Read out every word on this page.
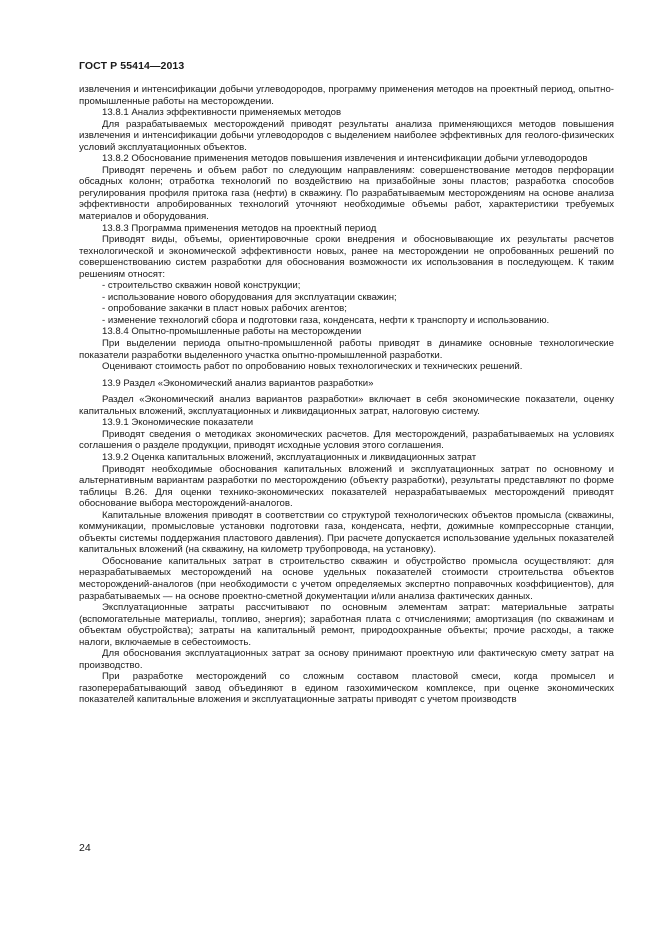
ГОСТ Р 55414—2013

извлечения и интенсификации добычи углеводородов, программу применения методов на проектный период, опытно-промышленные работы на месторождении.

13.8.1 Анализ эффективности применяемых методов

Для разрабатываемых месторождений приводят результаты анализа применяющихся методов повышения извлечения и интенсификации добычи углеводородов с выделением наиболее эффективных для геолого-физических условий эксплуатационных объектов.

13.8.2 Обоснование применения методов повышения извлечения и интенсификации добычи углеводородов

Приводят перечень и объем работ по следующим направлениям: совершенствование методов перфорации обсадных колонн; отработка технологий по воздействию на призабойные зоны пластов; разработка способов регулирования профиля притока газа (нефти) в скважину. По разрабатываемым месторождениям на основе анализа эффективности апробированных технологий уточняют необходимые объемы работ, характеристики требуемых материалов и оборудования.

13.8.3 Программа применения методов на проектный период

Приводят виды, объемы, ориентировочные сроки внедрения и обосновывающие их результаты расчетов технологической и экономической эффективности новых, ранее на месторождении не опробованных решений по совершенствованию систем разработки для обоснования возможности их использования в последующем. К таким решениям относят:

- строительство скважин новой конструкции;

- использование нового оборудования для эксплуатации скважин;

- опробование закачки в пласт новых рабочих агентов;

- изменение технологий сбора и подготовки газа, конденсата, нефти к транспорту и использованию.

13.8.4 Опытно-промышленные работы на месторождении

При выделении периода опытно-промышленной работы приводят в динамике основные технологические показатели разработки выделенного участка опытно-промышленной разработки.

Оценивают стоимость работ по опробованию новых технологических и технических решений.

13.9 Раздел «Экономический анализ вариантов разработки»

Раздел «Экономический анализ вариантов разработки» включает в себя экономические показатели, оценку капитальных вложений, эксплуатационных и ликвидационных затрат, налоговую систему.

13.9.1 Экономические показатели

Приводят сведения о методиках экономических расчетов. Для месторождений, разрабатываемых на условиях соглашения о разделе продукции, приводят исходные условия этого соглашения.

13.9.2 Оценка капитальных вложений, эксплуатационных и ликвидационных затрат

Приводят необходимые обоснования капитальных вложений и эксплуатационных затрат по основному и альтернативным вариантам разработки по месторождению (объекту разработки), результаты представляют по форме таблицы В.26. Для оценки технико-экономических показателей неразрабатываемых месторождений приводят обоснование выбора месторождений-аналогов.

Капитальные вложения приводят в соответствии со структурой технологических объектов промысла (скважины, коммуникации, промысловые установки подготовки газа, конденсата, нефти, дожимные компрессорные станции, объекты системы поддержания пластового давления). При расчете допускается использование удельных показателей капитальных вложений (на скважину, на километр трубопровода, на установку).

Обоснование капитальных затрат в строительство скважин и обустройство промысла осуществляют: для неразрабатываемых месторождений на основе удельных показателей стоимости строительства объектов месторождений-аналогов (при необходимости с учетом определяемых экспертно поправочных коэффициентов), для разрабатываемых — на основе проектно-сметной документации и/или анализа фактических данных.

Эксплуатационные затраты рассчитывают по основным элементам затрат: материальные затраты (вспомогательные материалы, топливо, энергия); заработная плата с отчислениями; амортизация (по скважинам и объектам обустройства); затраты на капитальный ремонт, природоохранные объекты; прочие расходы, а также налоги, включаемые в себестоимость.

Для обоснования эксплуатационных затрат за основу принимают проектную или фактическую смету затрат на производство.

При разработке месторождений со сложным составом пластовой смеси, когда промысел и газоперерабатывающий завод объединяют в едином газохимическом комплексе, при оценке экономических показателей капитальные вложения и эксплуатационные затраты приводят с учетом производств

24
